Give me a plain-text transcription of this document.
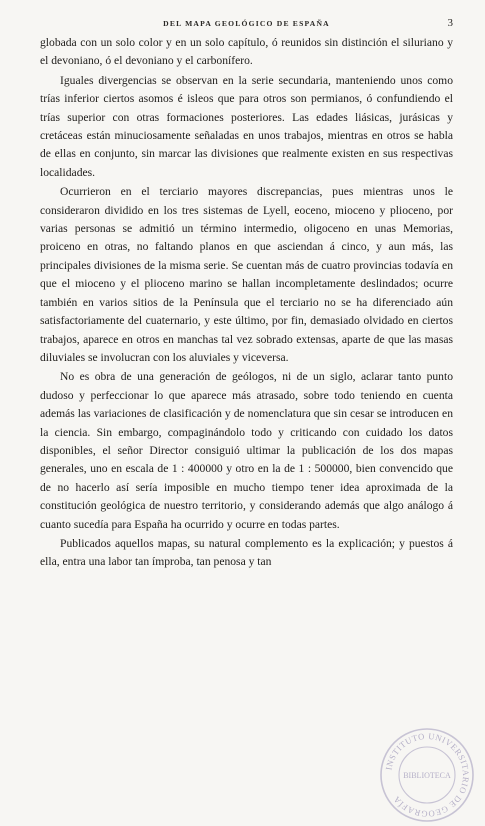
DEL MAPA GEOLÓGICO DE ESPAÑA	3

globada con un solo color y en un solo capítulo, ó reunidos sin distinción el siluriano y el devoniano, ó el devoniano y el carbonífero.

Iguales divergencias se observan en la serie secundaria, manteniendo unos como trías inferior ciertos asomos é isleos que para otros son permianos, ó confundiendo el trías superior con otras formaciones posteriores. Las edades liásicas, jurásicas y cretáceas están minuciosamente señaladas en unos trabajos, mientras en otros se habla de ellas en conjunto, sin marcar las divisiones que realmente existen en sus respectivas localidades.

Ocurrieron en el terciario mayores discrepancias, pues mientras unos le consideraron dividido en los tres sistemas de Lyell, eoceno, mioceno y plioceno, por varias personas se admitió un término intermedio, oligoceno en unas Memorias, proiceno en otras, no faltando planos en que asciendan á cinco, y aun más, las principales divisiones de la misma serie. Se cuentan más de cuatro provincias todavía en que el mioceno y el plioceno marino se hallan incompletamente deslindados; ocurre también en varios sitios de la Península que el terciario no se ha diferenciado aún satisfactoriamente del cuaternario, y este último, por fin, demasiado olvidado en ciertos trabajos, aparece en otros en manchas tal vez sobrado extensas, aparte de que las masas diluviales se involucran con los aluviales y viceversa.

No es obra de una generación de geólogos, ni de un siglo, aclarar tanto punto dudoso y perfeccionar lo que aparece más atrasado, sobre todo teniendo en cuenta además las variaciones de clasificación y de nomenclatura que sin cesar se introducen en la ciencia. Sin embargo, compaginándolo todo y criticando con cuidado los datos disponibles, el señor Director consiguió ultimar la publicación de los dos mapas generales, uno en escala de 1 : 400000 y otro en la de 1 : 500000, bien convencido que de no hacerlo así sería imposible en mucho tiempo tener idea aproximada de la constitución geológica de nuestro territorio, y considerando además que algo análogo á cuanto sucedía para España ha ocurrido y ocurre en todas partes.

Publicados aquellos mapas, su natural complemento es la explicación; y puestos á ella, entra una labor tan ímproba, tan penosa y tan

INSTITUTO UNIVERSITARIO DE GEOGRAFÍA
BIBLIOTECA
